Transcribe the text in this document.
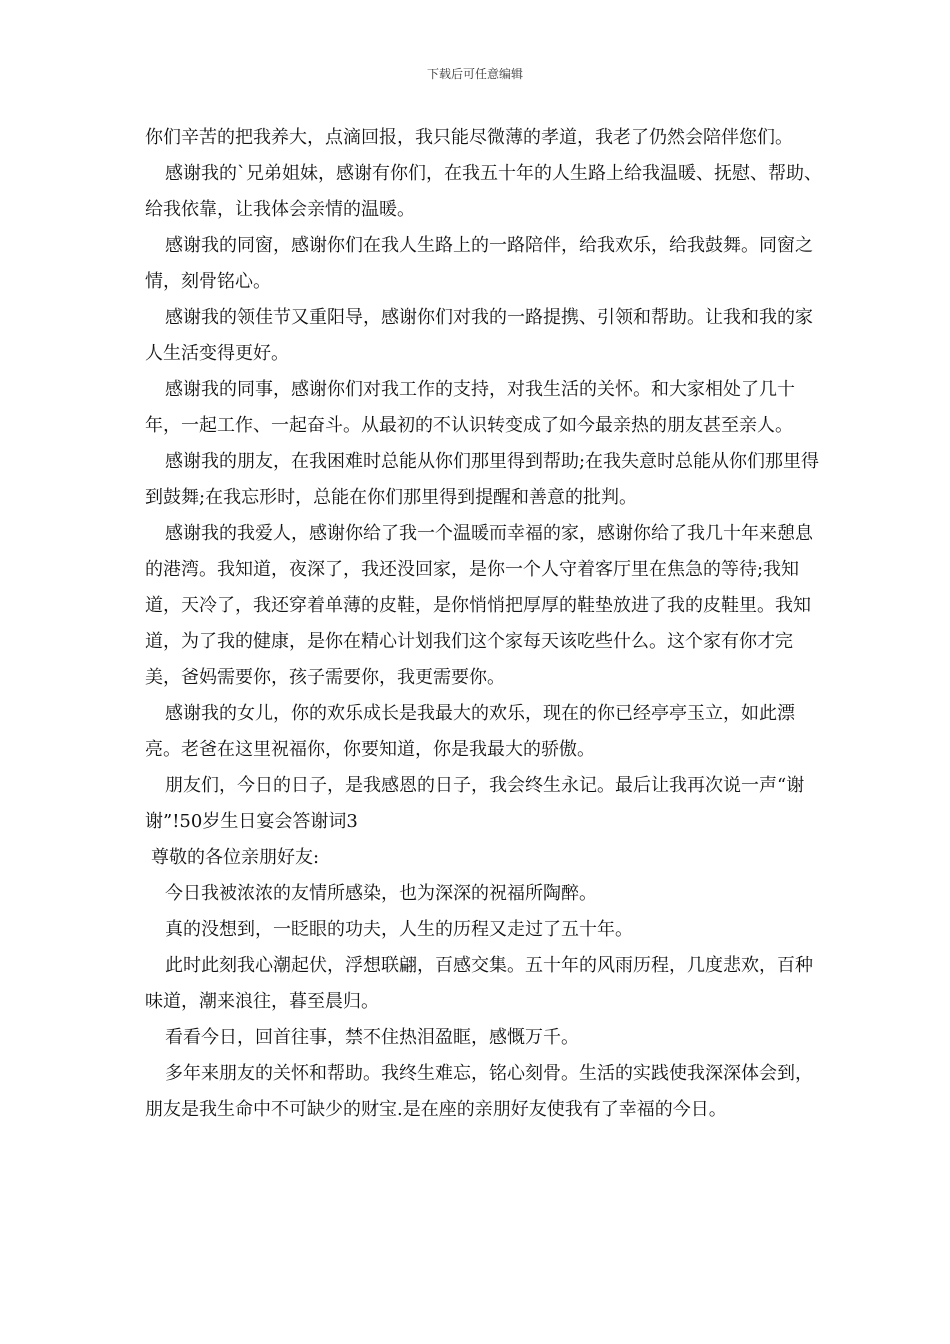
下载后可任意编辑

你们辛苦的把我养大，点滴回报，我只能尽微薄的孝道，我老了仍然会陪伴您们。

感谢我的`兄弟姐妹，感谢有你们，在我五十年的人生路上给我温暖、抚慰、帮助、给我依靠，让我体会亲情的温暖。

感谢我的同窗，感谢你们在我人生路上的一路陪伴，给我欢乐，给我鼓舞。同窗之情，刻骨铭心。

感谢我的领佳节又重阳导，感谢你们对我的一路提携、引领和帮助。让我和我的家人生活变得更好。

感谢我的同事，感谢你们对我工作的支持，对我生活的关怀。和大家相处了几十年，一起工作、一起奋斗。从最初的不认识转变成了如今最亲热的朋友甚至亲人。

感谢我的朋友，在我困难时总能从你们那里得到帮助;在我失意时总能从你们那里得到鼓舞;在我忘形时，总能在你们那里得到提醒和善意的批判。

感谢我的我爱人，感谢你给了我一个温暖而幸福的家，感谢你给了我几十年来憩息的港湾。我知道，夜深了，我还没回家，是你一个人守着客厅里在焦急的等待;我知道，天冷了，我还穿着单薄的皮鞋，是你悄悄把厚厚的鞋垫放进了我的皮鞋里。我知道，为了我的健康，是你在精心计划我们这个家每天该吃些什么。这个家有你才完美，爸妈需要你，孩子需要你，我更需要你。

感谢我的女儿，你的欢乐成长是我最大的欢乐，现在的你已经亭亭玉立，如此漂亮。老爸在这里祝福你，你要知道，你是我最大的骄傲。

朋友们，今日的日子，是我感恩的日子，我会终生永记。最后让我再次说一声“谢谢”!50岁生日宴会答谢词3

尊敬的各位亲朋好友:

今日我被浓浓的友情所感染，也为深深的祝福所陶醉。

真的没想到，一眨眼的功夫，人生的历程又走过了五十年。

此时此刻我心潮起伏，浮想联翩，百感交集。五十年的风雨历程，几度悲欢，百种味道，潮来浪往，暮至晨归。

看看今日，回首往事，禁不住热泪盈眶，感慨万千。

多年来朋友的关怀和帮助。我终生难忘，铭心刻骨。生活的实践使我深深体会到，朋友是我生命中不可缺少的财宝.是在座的亲朋好友使我有了幸福的今日。
